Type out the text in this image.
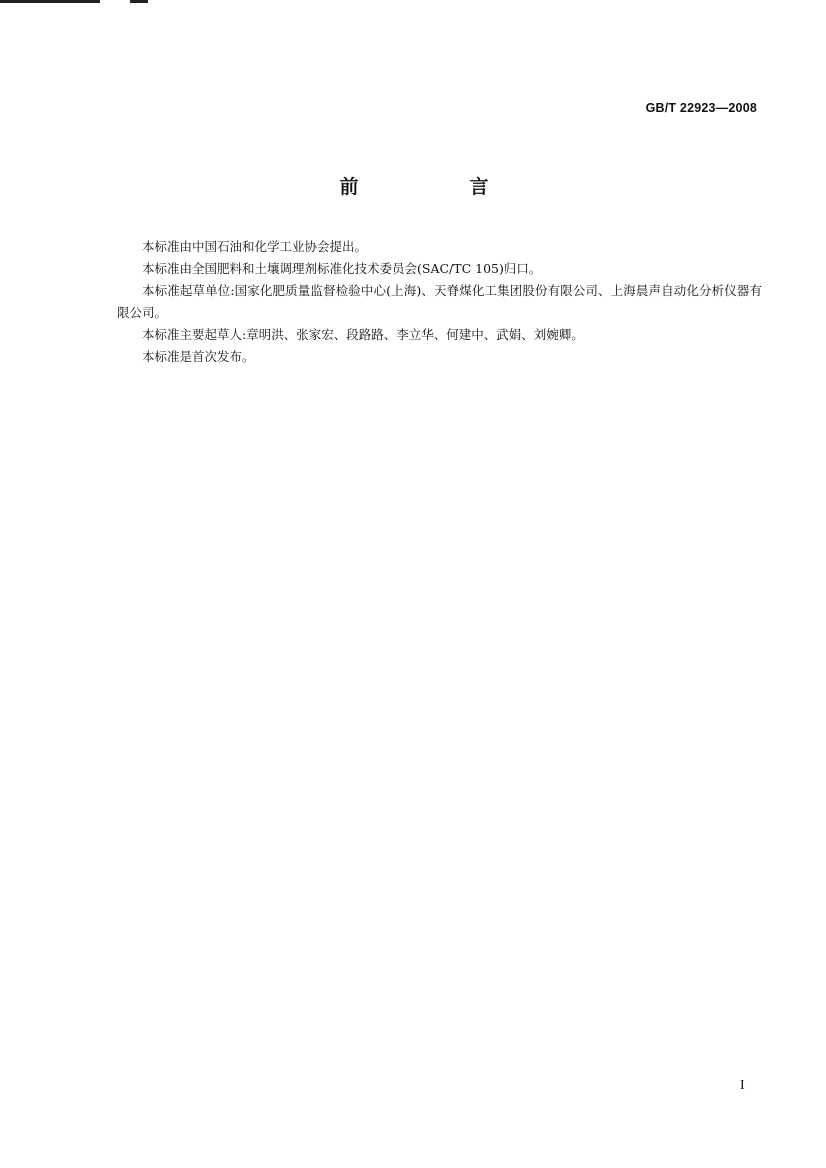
GB/T 22923—2008
前　言

本标准由中国石油和化学工业协会提出。

本标准由全国肥料和土壤调理剂标准化技术委员会(SAC/TC 105)归口。

本标准起草单位:国家化肥质量监督检验中心(上海)、天脊煤化工集团股份有限公司、上海晨声自动化分析仪器有限公司。

本标准主要起草人:章明洪、张家宏、段路路、李立华、何建中、武娟、刘婉卿。

本标准是首次发布。

I
